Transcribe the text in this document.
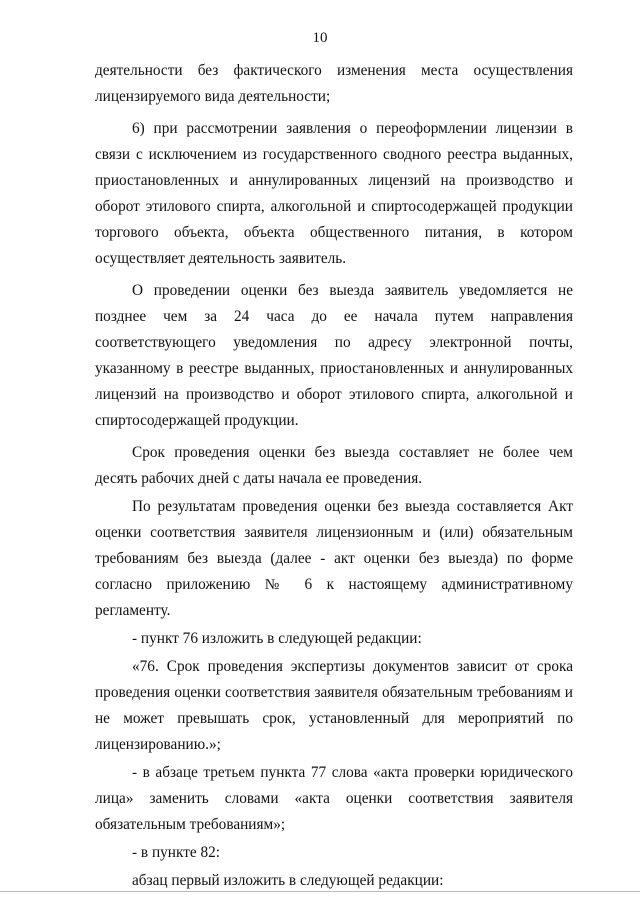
10

деятельности без фактического изменения места осуществления лицензируемого вида деятельности;

6) при рассмотрении заявления о переоформлении лицензии в связи с исключением из государственного сводного реестра выданных, приостановленных и аннулированных лицензий на производство и оборот этилового спирта, алкогольной и спиртосодержащей продукции торгового объекта, объекта общественного питания, в котором осуществляет деятельность заявитель.

О проведении оценки без выезда заявитель уведомляется не позднее чем за 24 часа до ее начала путем направления соответствующего уведомления по адресу электронной почты, указанному в реестре выданных, приостановленных и аннулированных лицензий на производство и оборот этилового спирта, алкогольной и спиртосодержащей продукции.

Срок проведения оценки без выезда составляет не более чем десять рабочих дней с даты начала ее проведения.

По результатам проведения оценки без выезда составляется Акт оценки соответствия заявителя лицензионным и (или) обязательным требованиям без выезда (далее - акт оценки без выезда) по форме согласно приложению № 6 к настоящему административному регламенту.

- пункт 76 изложить в следующей редакции:

«76. Срок проведения экспертизы документов зависит от срока проведения оценки соответствия заявителя обязательным требованиям и не может превышать срок, установленный для мероприятий по лицензированию.»;

- в абзаце третьем пункта 77 слова «акта проверки юридического лица» заменить словами «акта оценки соответствия заявителя обязательным требованиям»;

- в пункте 82:

абзац первый изложить в следующей редакции:
